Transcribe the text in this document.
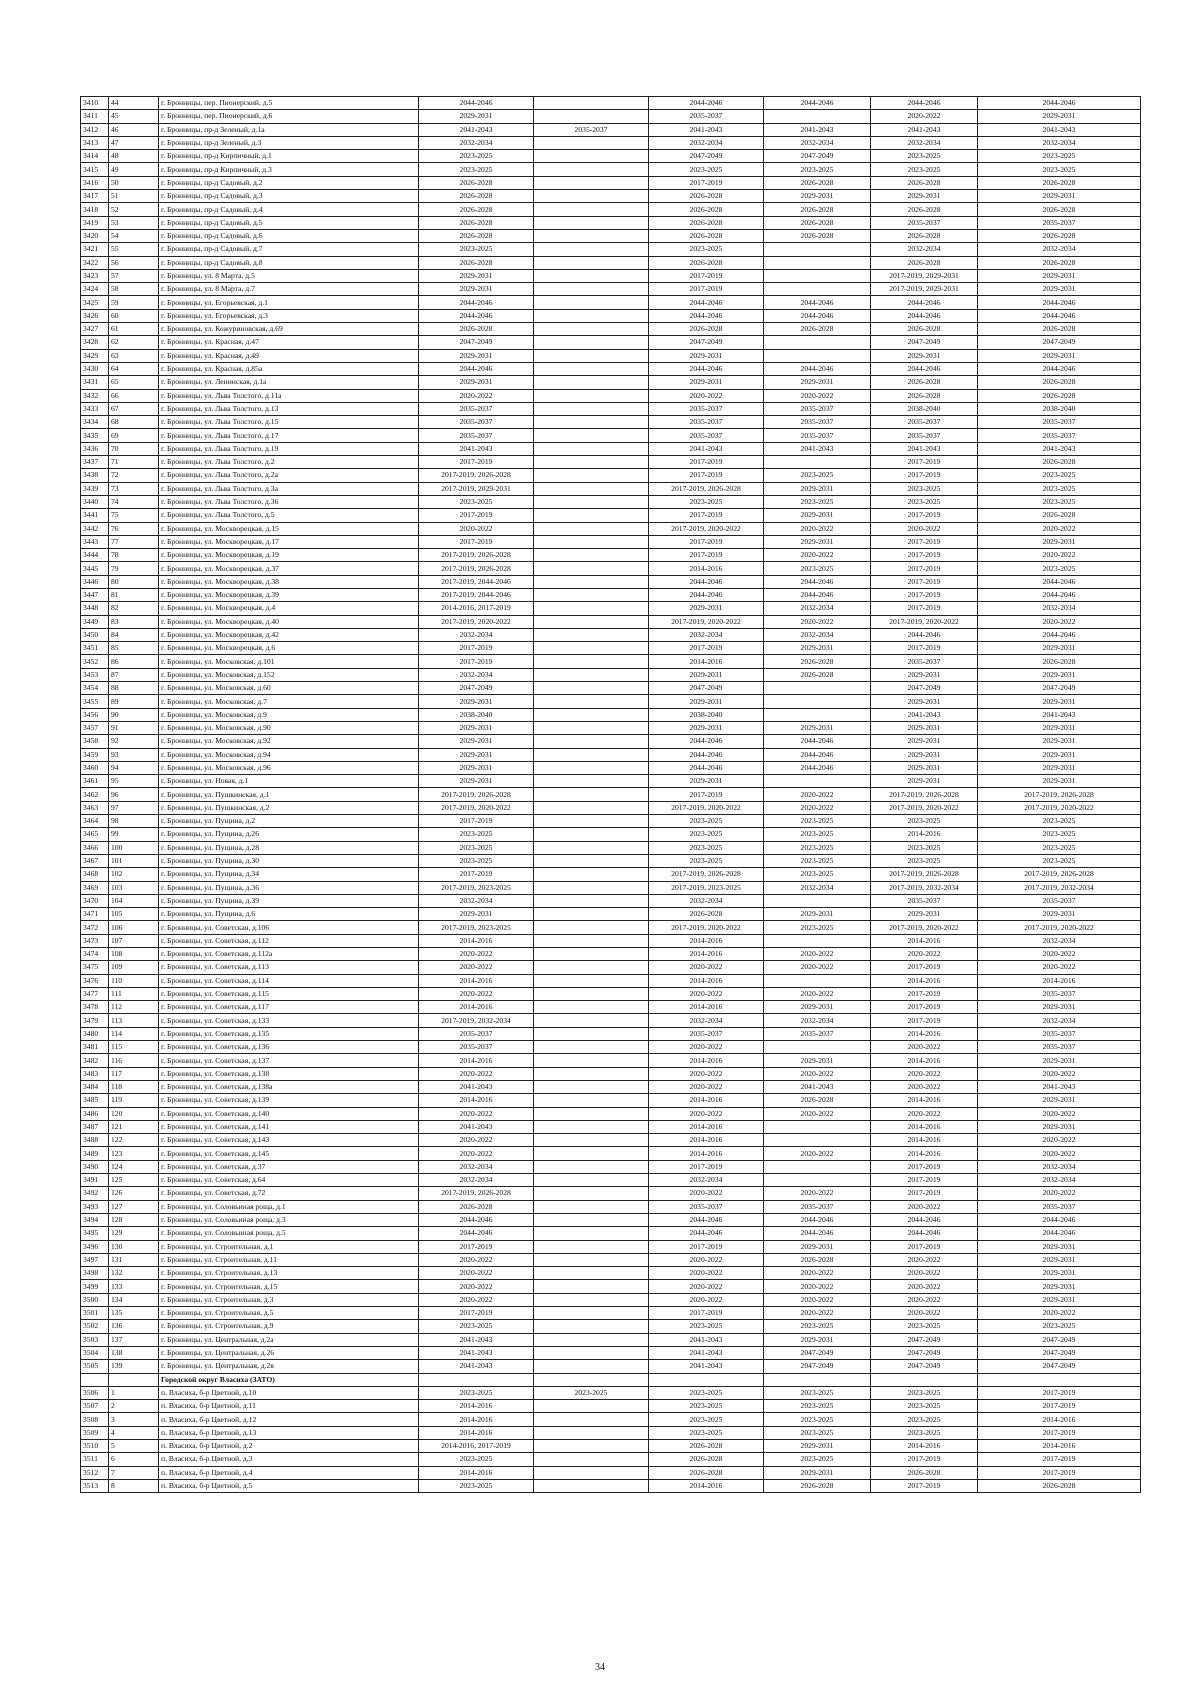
3410	44	г. Бронницы, пер. Пионерский, д.5	2044-2046		2044-2046	2044-2046	2044-2046	2044-2046
3411	45	г. Бронницы, пер. Пионерский, д.6	2029-2031		2035-2037		2020-2022	2029-2031
3412	46	г. Бронницы, пр-д Зеленый, д.1а	2041-2043	2035-2037	2041-2043	2041-2043	2041-2043	2041-2043
3413	47	г. Бронницы, пр-д Зеленый, д.3	2032-2034		2032-2034	2032-2034	2032-2034	2032-2034
3414	48	г. Бронницы, пр-д Кирпичный, д.1	2023-2025		2047-2049	2047-2049	2023-2025	2023-2025
3415	49	г. Бронницы, пр-д Кирпичный, д.3	2023-2025		2023-2025	2023-2025	2023-2025	2023-2025
3416	50	г. Бронницы, пр-д Садовый, д.2	2026-2028		2017-2019	2026-2028	2026-2028	2026-2028
3417	51	г. Бронницы, пр-д Садовый, д.3	2026-2028		2026-2028	2029-2031	2029-2031	2029-2031
3418	52	г. Бронницы, пр-д Садовый, д.4	2026-2028		2026-2028	2026-2028	2026-2028	2026-2028
3419	53	г. Бронницы, пр-д Садовый, д.5	2026-2028		2026-2028	2026-2028	2035-2037	2035-2037
3420	54	г. Бронницы, пр-д Садовый, д.6	2026-2028		2026-2028	2026-2028	2026-2028	2026-2028
3421	55	г. Бронницы, пр-д Садовый, д.7	2023-2025		2023-2025		2032-2034	2032-2034
3422	56	г. Бронницы, пр-д Садовый, д.8	2026-2028		2026-2028		2026-2028	2026-2028
3423	57	г. Бронницы, ул. 8 Марта, д.5	2029-2031		2017-2019		2017-2019, 2029-2031	2029-2031
3424	58	г. Бронницы, ул. 8 Марта, д.7	2029-2031		2017-2019		2017-2019, 2029-2031	2029-2031
3425	59	г. Бронницы, ул. Егорьевская, д.1	2044-2046		2044-2046	2044-2046	2044-2046	2044-2046
3426	60	г. Бронницы, ул. Егорьевская, д.3	2044-2046		2044-2046	2044-2046	2044-2046	2044-2046
3427	61	г. Бронницы, ул. Кожуриновская, д.69	2026-2028		2026-2028	2026-2028	2026-2028	2026-2028
3428	62	г. Бронницы, ул. Красная, д.47	2047-2049		2047-2049		2047-2049	2047-2049
3429	63	г. Бронницы, ул. Красная, д.49	2029-2031		2029-2031		2029-2031	2029-2031
3430	64	г. Бронницы, ул. Красная, д.85а	2044-2046		2044-2046	2044-2046	2044-2046	2044-2046
3431	65	г. Бронницы, ул. Ленинская, д.1а	2029-2031		2029-2031	2029-2031	2026-2028	2026-2028
3432	66	г. Бронницы, ул. Льва Толстого, д.11а	2020-2022		2020-2022	2020-2022	2026-2028	2026-2028
3433	67	г. Бронницы, ул. Льва Толстого, д.13	2035-2037		2035-2037	2035-2037	2038-2040	2038-2040
3434	68	г. Бронницы, ул. Льва Толстого, д.15	2035-2037		2035-2037	2035-2037	2035-2037	2035-2037
3435	69	г. Бронницы, ул. Льва Толстого, д.17	2035-2037		2035-2037	2035-2037	2035-2037	2035-2037
3436	70	г. Бронницы, ул. Льва Толстого, д.19	2041-2043		2041-2043	2041-2043	2041-2043	2041-2043
3437	71	г. Бронницы, ул. Льва Толстого, д.2	2017-2019		2017-2019		2017-2019	2026-2028
3438	72	г. Бронницы, ул. Льва Толстого, д.2а	2017-2019, 2026-2028		2017-2019	2023-2025	2017-2019	2023-2025
3439	73	г. Бронницы, ул. Льва Толстого, д.3а	2017-2019, 2029-2031		2017-2019, 2026-2028	2029-2031	2023-2025	2023-2025
3440	74	г. Бронницы, ул. Льва Толстого, д.36	2023-2025		2023-2025	2023-2025	2023-2025	2023-2025
3441	75	г. Бронницы, ул. Льва Толстого, д.5	2017-2019		2017-2019	2029-2031	2017-2019	2026-2028
3442	76	г. Бронницы, ул. Москворецкая, д.15	2020-2022		2017-2019, 2020-2022	2020-2022	2020-2022	2020-2022
3443	77	г. Бронницы, ул. Москворецкая, д.17	2017-2019		2017-2019	2029-2031	2017-2019	2029-2031
3444	78	г. Бронницы, ул. Москворецкая, д.19	2017-2019, 2026-2028		2017-2019	2020-2022	2017-2019	2020-2022
3445	79	г. Бронницы, ул. Москворецкая, д.37	2017-2019, 2026-2028		2014-2016	2023-2025	2017-2019	2023-2025
3446	80	г. Бронницы, ул. Москворецкая, д.38	2017-2019, 2044-2046		2044-2046	2044-2046	2017-2019	2044-2046
3447	81	г. Бронницы, ул. Москворецкая, д.39	2017-2019, 2044-2046		2044-2046	2044-2046	2017-2019	2044-2046
3448	82	г. Бронницы, ул. Москворецкая, д.4	2014-2016, 2017-2019		2029-2031	2032-2034	2017-2019	2032-2034
3449	83	г. Бронницы, ул. Москворецкая, д.40	2017-2019, 2020-2022		2017-2019, 2020-2022	2020-2022	2017-2019, 2020-2022	2020-2022
3450	84	г. Бронницы, ул. Москворецкая, д.42	2032-2034		2032-2034	2032-2034	2044-2046	2044-2046
3451	85	г. Бронницы, ул. Москворецкая, д.6	2017-2019		2017-2019	2029-2031	2017-2019	2029-2031
3452	86	г. Бронницы, ул. Московская, д.101	2017-2019		2014-2016	2026-2028	2035-2037	2026-2028
3453	87	г. Бронницы, ул. Московская, д.152	2032-2034		2029-2031	2026-2028	2029-2031	2029-2031
3454	88	г. Бронницы, ул. Московская, д.60	2047-2049		2047-2049		2047-2049	2047-2049
3455	89	г. Бронницы, ул. Московская, д.7	2029-2031		2029-2031		2029-2031	2029-2031
3456	90	г. Бронницы, ул. Московская, д.9	2038-2040		2038-2040		2041-2043	2041-2043
3457	91	г. Бронницы, ул. Московская, д.90	2029-2031		2029-2031	2029-2031	2029-2031	2029-2031
3458	92	г. Бронницы, ул. Московская, д.92	2029-2031		2044-2046	2044-2046	2029-2031	2029-2031
3459	93	г. Бронницы, ул. Московская, д.94	2029-2031		2044-2046	2044-2046	2029-2031	2029-2031
3460	94	г. Бронницы, ул. Московская, д.96	2029-2031		2044-2046	2044-2046	2029-2031	2029-2031
3461	95	г. Бронницы, ул. Новая, д.1	2029-2031		2029-2031		2029-2031	2029-2031
3462	96	г. Бронницы, ул. Пушкинская, д.1	2017-2019, 2026-2028		2017-2019	2020-2022	2017-2019, 2026-2028	2017-2019, 2026-2028
3463	97	г. Бронницы, ул. Пушкинская, д.2	2017-2019, 2020-2022		2017-2019, 2020-2022	2020-2022	2017-2019, 2020-2022	2017-2019, 2020-2022
3464	98	г. Бронницы, ул. Пущина, д.2	2017-2019		2023-2025	2023-2025	2023-2025	2023-2025
3465	99	г. Бронницы, ул. Пущина, д.26	2023-2025		2023-2025	2023-2025	2014-2016	2023-2025
3466	100	г. Бронницы, ул. Пущина, д.28	2023-2025		2023-2025	2023-2025	2023-2025	2023-2025
3467	101	г. Бронницы, ул. Пущина, д.30	2023-2025		2023-2025	2023-2025	2023-2025	2023-2025
3468	102	г. Бронницы, ул. Пущина, д.34	2017-2019		2017-2019, 2026-2028	2023-2025	2017-2019, 2026-2028	2017-2019, 2026-2028
3469	103	г. Бронницы, ул. Пущина, д.36	2017-2019, 2023-2025		2017-2019, 2023-2025	2032-2034	2017-2019, 2032-2034	2017-2019, 2032-2034
3470	104	г. Бронницы, ул. Пущина, д.39	2032-2034		2032-2034		2035-2037	2035-2037
3471	105	г. Бронницы, ул. Пущина, д.6	2029-2031		2026-2028	2029-2031	2029-2031	2029-2031
3472	106	г. Бронницы, ул. Советская, д.106	2017-2019, 2023-2025		2017-2019, 2020-2022	2023-2025	2017-2019, 2020-2022	2017-2019, 2020-2022
3473	107	г. Бронницы, ул. Советская, д.112	2014-2016		2014-2016		2014-2016	2032-2034
3474	108	г. Бронницы, ул. Советская, д.112а	2020-2022		2014-2016	2020-2022	2020-2022	2020-2022
3475	109	г. Бронницы, ул. Советская, д.113	2020-2022		2020-2022	2020-2022	2017-2019	2020-2022
3476	110	г. Бронницы, ул. Советская, д.114	2014-2016		2014-2016		2014-2016	2014-2016
3477	111	г. Бронницы, ул. Советская, д.115	2020-2022		2020-2022	2020-2022	2017-2019	2035-2037
3478	112	г. Бронницы, ул. Советская, д.117	2014-2016		2014-2016	2029-2031	2017-2019	2029-2031
3479	113	г. Бронницы, ул. Советская, д.133	2017-2019, 2032-2034		2032-2034	2032-2034	2017-2019	2032-2034
3480	114	г. Бронницы, ул. Советская, д.135	2035-2037		2035-2037	2035-2037	2014-2016	2035-2037
3481	115	г. Бронницы, ул. Советская, д.136	2035-2037		2020-2022		2020-2022	2035-2037
3482	116	г. Бронницы, ул. Советская, д.137	2014-2016		2014-2016	2029-2031	2014-2016	2029-2031
3483	117	г. Бронницы, ул. Советская, д.138	2020-2022		2020-2022	2020-2022	2020-2022	2020-2022
3484	118	г. Бронницы, ул. Советская, д.138а	2041-2043		2020-2022	2041-2043	2020-2022	2041-2043
3485	119	г. Бронницы, ул. Советская, д.139	2014-2016		2014-2016	2026-2028	2014-2016	2029-2031
3486	120	г. Бронницы, ул. Советская, д.140	2020-2022		2020-2022	2020-2022	2020-2022	2020-2022
3487	121	г. Бронницы, ул. Советская, д.141	2041-2043		2014-2016		2014-2016	2029-2031
3488	122	г. Бронницы, ул. Советская, д.143	2020-2022		2014-2016		2014-2016	2020-2022
3489	123	г. Бронницы, ул. Советская, д.145	2020-2022		2014-2016	2020-2022	2014-2016	2020-2022
3490	124	г. Бронницы, ул. Советская, д.37	2032-2034		2017-2019		2017-2019	2032-2034
3491	125	г. Бронницы, ул. Советская, д.64	2032-2034		2032-2034		2017-2019	2032-2034
3492	126	г. Бронницы, ул. Советская, д.72	2017-2019, 2026-2028		2020-2022	2020-2022	2017-2019	2020-2022
3493	127	г. Бронницы, ул. Соловьиная роща, д.1	2026-2028		2035-2037	2035-2037	2020-2022	2035-2037
3494	128	г. Бронницы, ул. Соловьиная роща, д.3	2044-2046		2044-2046	2044-2046	2044-2046	2044-2046
3495	129	г. Бронницы, ул. Соловьиная роща, д.5	2044-2046		2044-2046	2044-2046	2044-2046	2044-2046
3496	130	г. Бронницы, ул. Строительная, д.1	2017-2019		2017-2019	2029-2031	2017-2019	2029-2031
3497	131	г. Бронницы, ул. Строительная, д.11	2020-2022		2020-2022	2026-2028	2020-2022	2029-2031
3498	132	г. Бронницы, ул. Строительная, д.13	2020-2022		2020-2022	2020-2022	2020-2022	2029-2031
3499	133	г. Бронницы, ул. Строительная, д.15	2020-2022		2020-2022	2020-2022	2020-2022	2029-2031
3500	134	г. Бронницы, ул. Строительная, д.3	2020-2022		2020-2022	2020-2022	2020-2022	2029-2031
3501	135	г. Бронницы, ул. Строительная, д.5	2017-2019		2017-2019	2020-2022	2020-2022	2020-2022
3502	136	г. Бронницы, ул. Строительная, д.9	2023-2025		2023-2025	2023-2025	2023-2025	2023-2025
3503	137	г. Бронницы, ул. Центральная, д.2а	2041-2043		2041-2043	2029-2031	2047-2049	2047-2049
3504	138	г. Бронницы, ул. Центральная, д.26	2041-2043		2041-2043	2047-2049	2047-2049	2047-2049
3505	139	г. Бронницы, ул. Центральная, д.2в	2041-2043		2041-2043	2047-2049	2047-2049	2047-2049
		Городской округ Власиха (ЗАТО)						
3506	1	п. Власиха, б-р Цветной, д.10	2023-2025	2023-2025	2023-2025	2023-2025	2023-2025	2017-2019
3507	2	п. Власиха, б-р Цветной, д.11	2014-2016		2023-2025	2023-2025	2023-2025	2017-2019
3508	3	п. Власиха, б-р Цветной, д.12	2014-2016		2023-2025	2023-2025	2023-2025	2014-2016
3509	4	п. Власиха, б-р Цветной, д.13	2014-2016		2023-2025	2023-2025	2023-2025	2017-2019
3510	5	п. Власиха, б-р Цветной, д.2	2014-2016, 2017-2019		2026-2028	2029-2031	2014-2016	2014-2016
3511	6	п. Власиха, б-р Цветной, д.3	2023-2025		2026-2028	2023-2025	2017-2019	2017-2019
3512	7	п. Власиха, б-р Цветной, д.4	2014-2016		2026-2028	2029-2031	2026-2028	2017-2019
3513	8	п. Власиха, б-р Цветной, д.5	2023-2025		2014-2016	2026-2028	2017-2019	2026-2028
34
